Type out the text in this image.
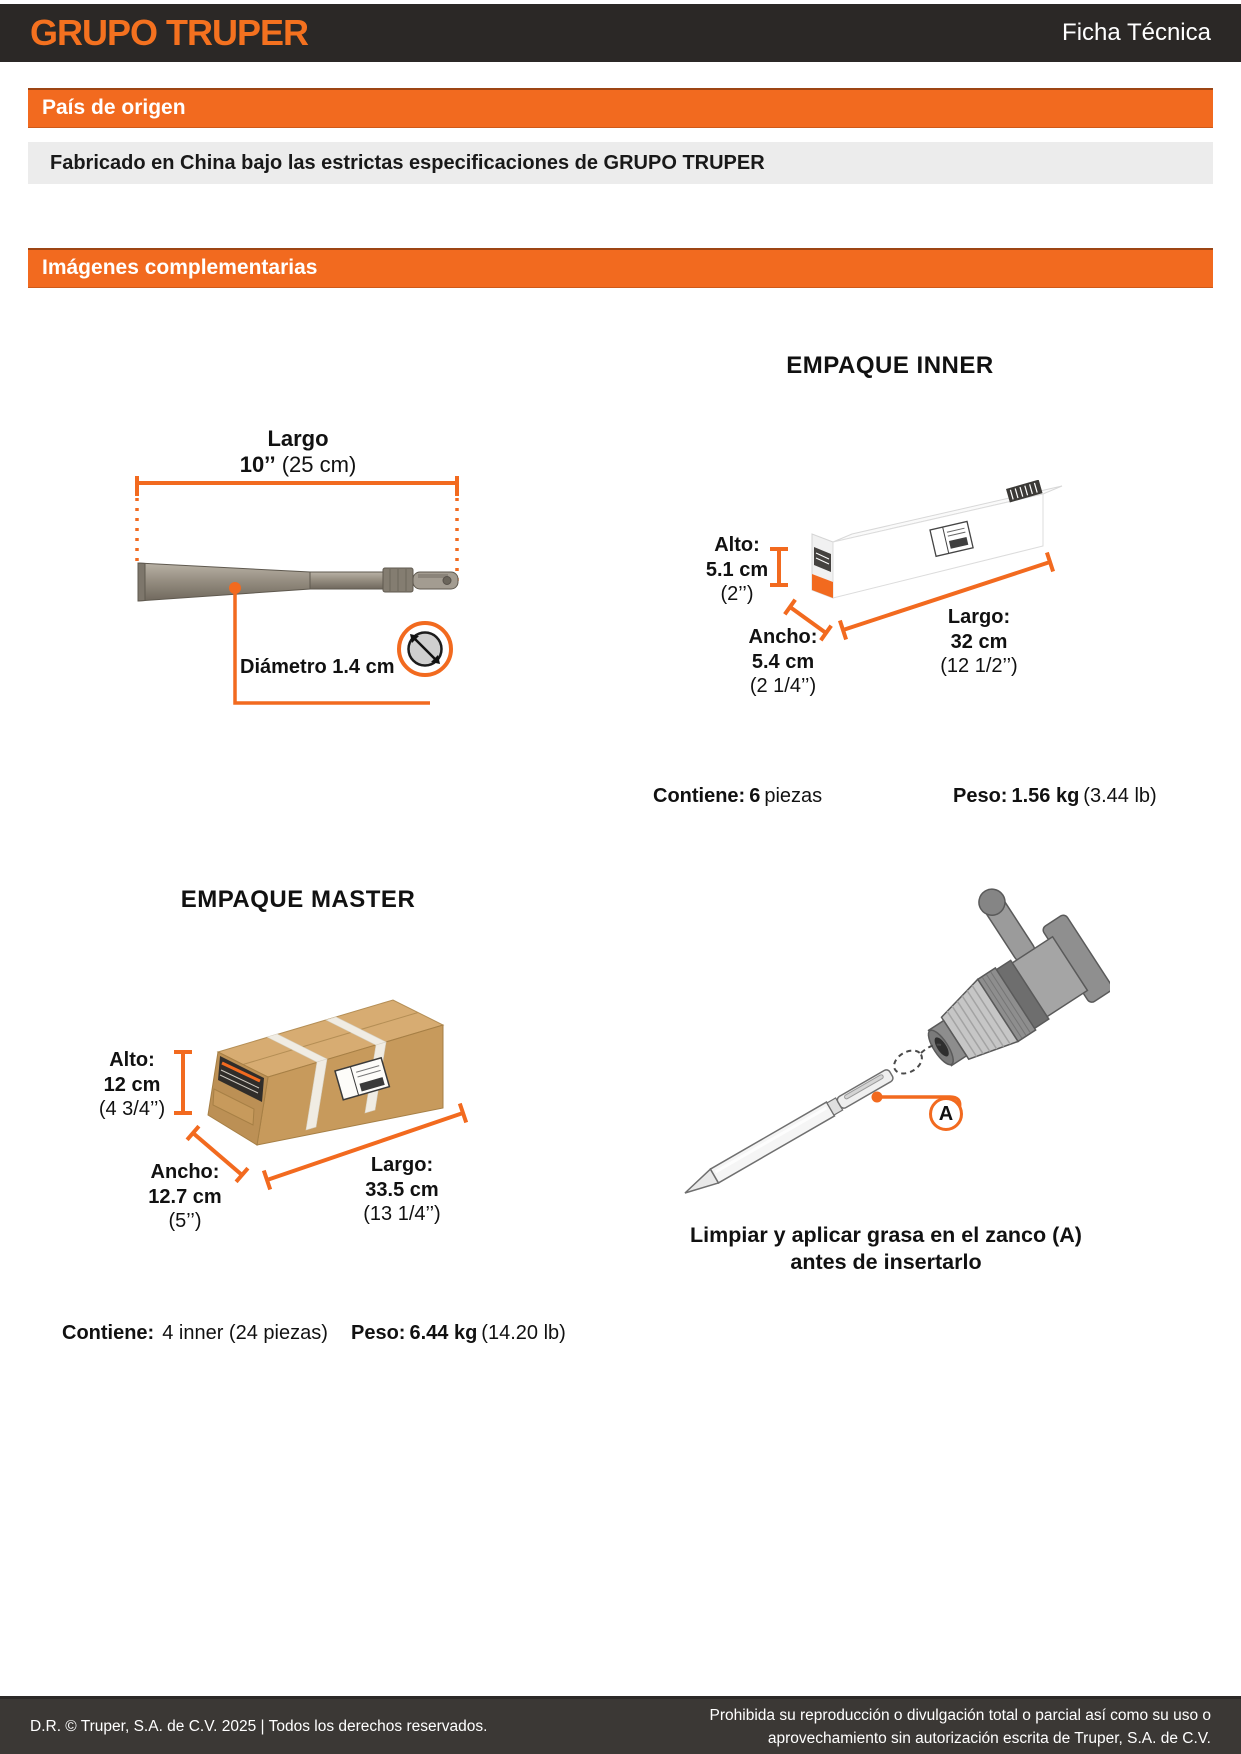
GRUPO TRUPER	Ficha Técnica
País de origen
Fabricado en China bajo las estrictas especificaciones de GRUPO TRUPER
Imágenes complementarias
Largo
10’’ (25 cm)
Diámetro 1.4 cm
EMPAQUE INNER
Alto:
5.1 cm
(2’’)
Ancho:
5.4 cm
(2 1/4’’)
Largo:
32 cm
(12 1/2’’)
Contiene: 6 piezas	Peso: 1.56 kg (3.44 lb)
EMPAQUE MASTER
Alto:
12 cm
(4 3/4’’)
Ancho:
12.7 cm
(5’’)
Largo:
33.5 cm
(13 1/4’’)
Contiene: 4 inner (24 piezas) Peso: 6.44 kg (14.20 lb)
A
Limpiar y aplicar grasa en el zanco (A)
antes de insertarlo
D.R. © Truper, S.A. de C.V. 2025 | Todos los derechos reservados.
Prohibida su reproducción o divulgación total o parcial así como su uso o
aprovechamiento sin autorización escrita de Truper, S.A. de C.V.
